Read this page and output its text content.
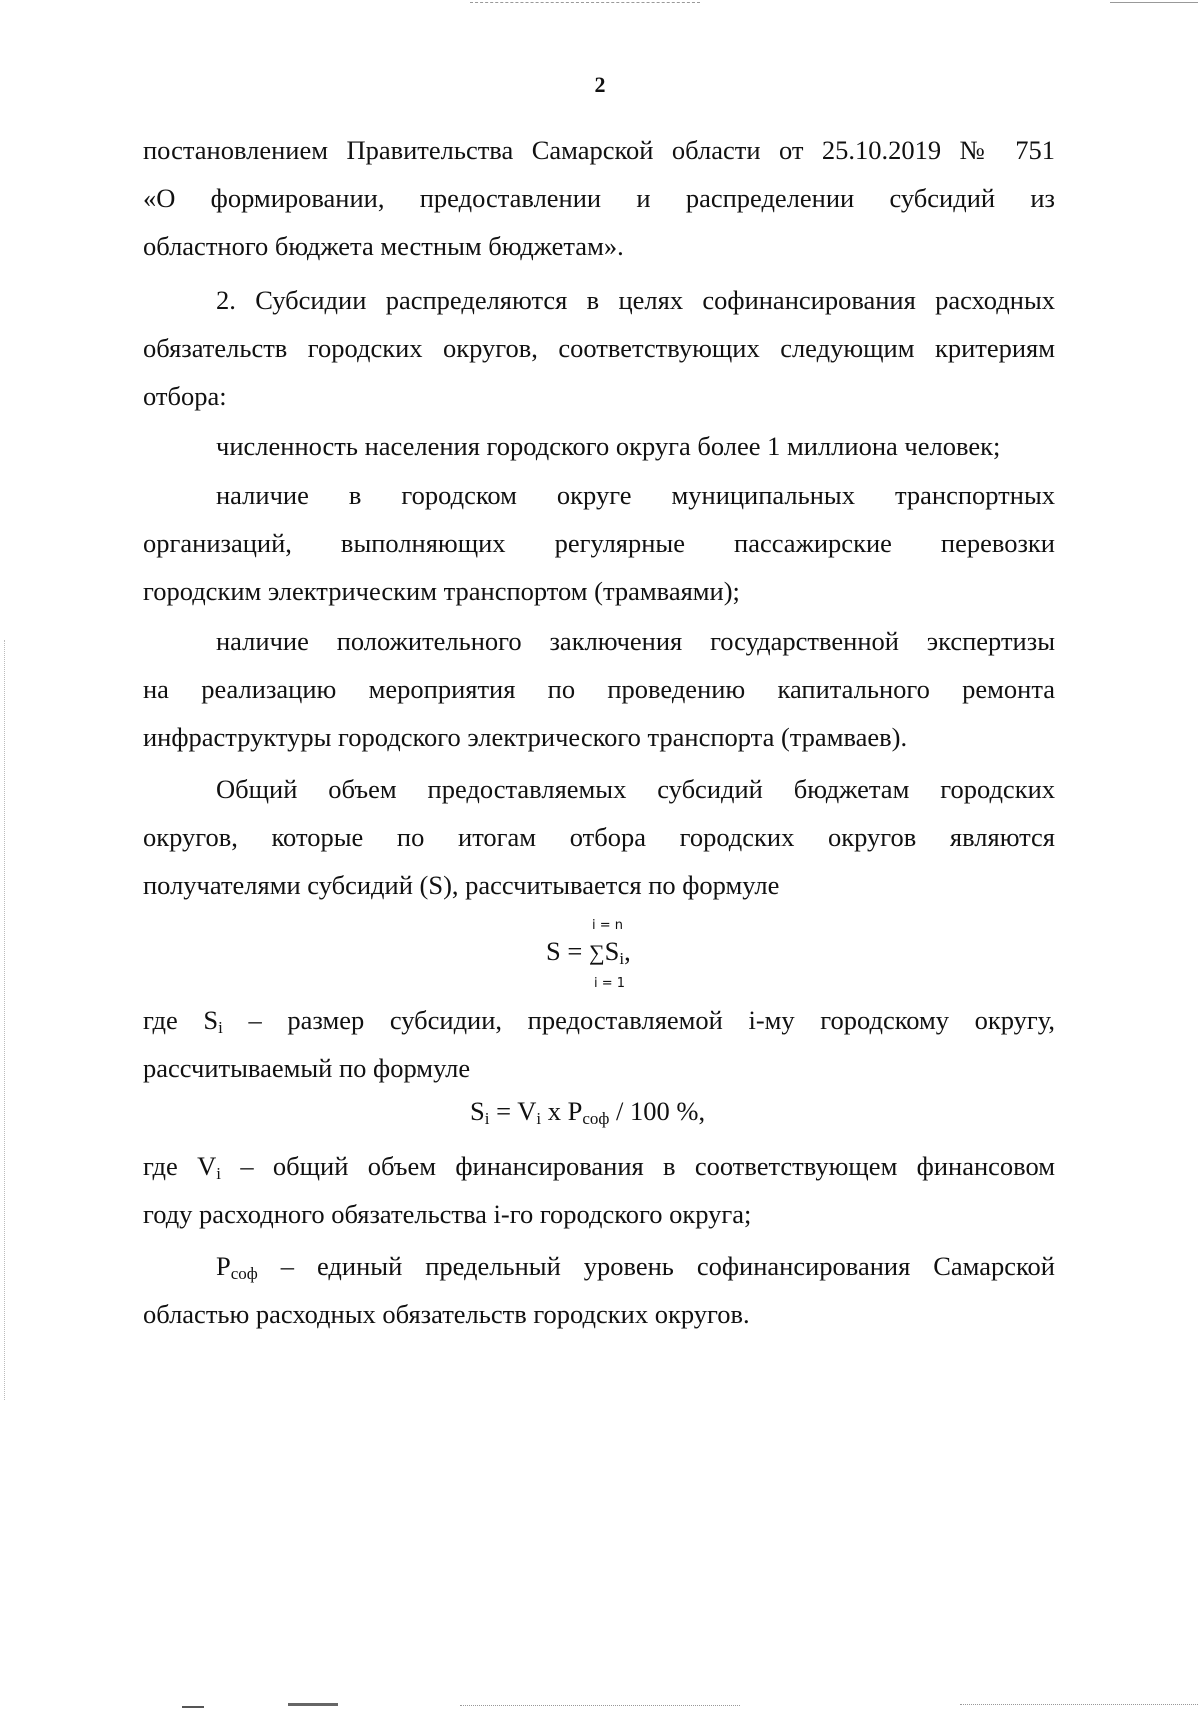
2
постановлением Правительства Самарской области от 25.10.2019 № 751
«О формировании, предоставлении и распределении субсидий из
областного бюджета местным бюджетам».
2. Субсидии распределяются в целях софинансирования расходных
обязательств городских округов, соответствующих следующим критериям
отбора:
численность населения городского округа более 1 миллиона человек;
наличие в городском округе муниципальных транспортных
организаций, выполняющих регулярные пассажирские перевозки
городским электрическим транспортом (трамваями);
наличие положительного заключения государственной экспертизы
на реализацию мероприятия по проведению капитального ремонта
инфраструктуры городского электрического транспорта (трамваев).
Общий объем предоставляемых субсидий бюджетам городских
округов, которые по итогам отбора городских округов являются
получателями субсидий (S), рассчитывается по формуле
i = n
$S = \sum S_i$,
i = 1
где $S_i$ – размер субсидии, предоставляемой i-му городскому округу,
рассчитываемый по формуле
$S_i = V_i$ x $P_{соф} / 100$ %,
где $V_i$ – общий объем финансирования в соответствующем финансовом
году расходного обязательства i-го городского округа;
$P_{соф}$ – единый предельный уровень софинансирования Самарской
областью расходных обязательств городских округов.
